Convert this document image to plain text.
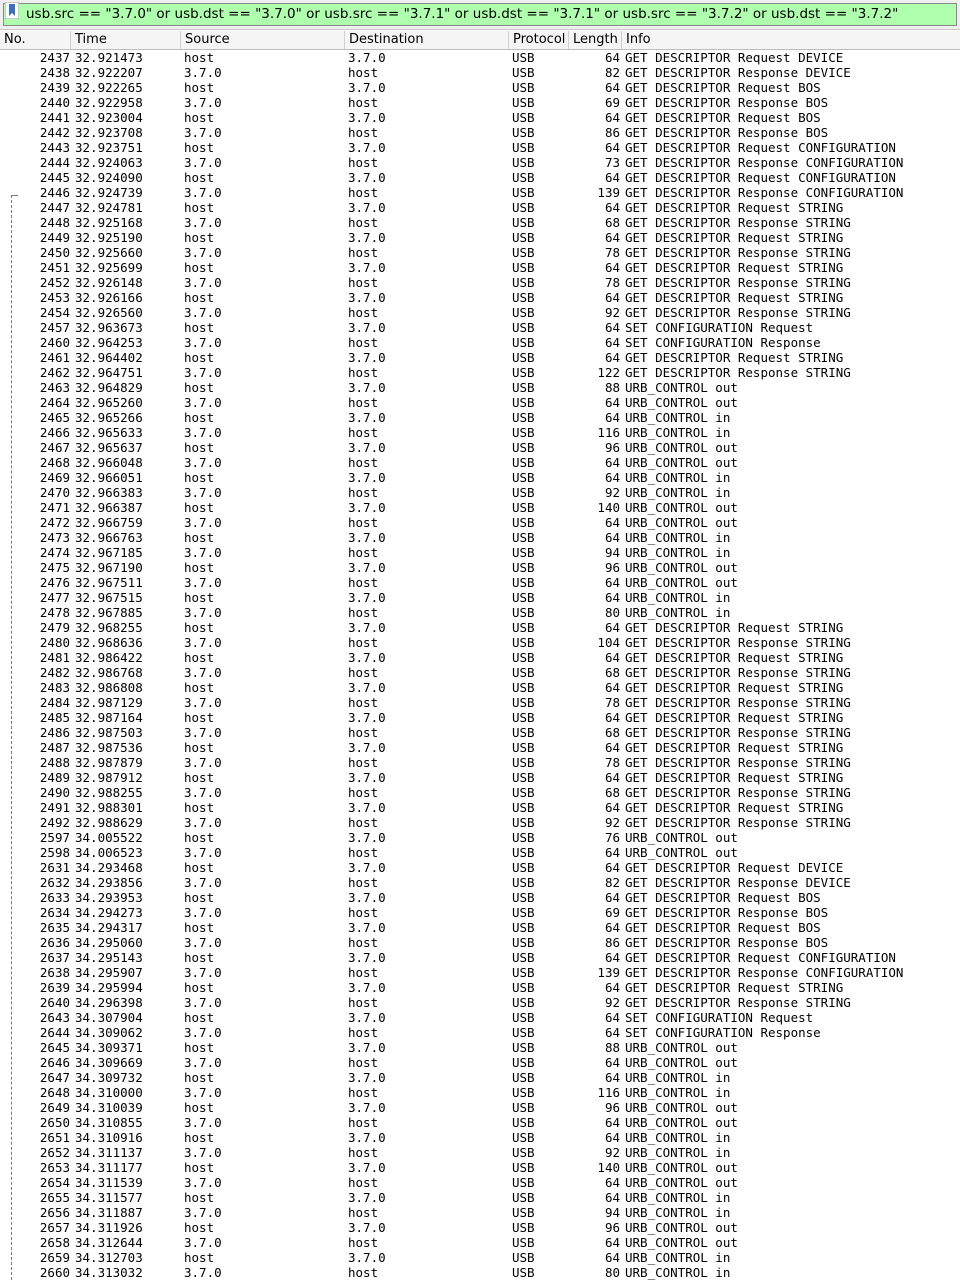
usb.src == "3.7.0" or usb.dst == "3.7.0" or usb.src == "3.7.1" or usb.dst == "3.7.1" or usb.src == "3.7.2" or usb.dst == "3.7.2"
No.	Time	Source	Destination	Protocol Length Info
2437 32.921473	host	3.7.0	USB	64 GET DESCRIPTOR Request DEVICE
2438 32.922207	3.7.0	host	USB	82 GET DESCRIPTOR Response DEVICE
2439 32.922265	host	3.7.0	USB	64 GET DESCRIPTOR Request BOS
2440 32.922958	3.7.0	host	USB	69 GET DESCRIPTOR Response BOS
2441 32.923004	host	3.7.0	USB	64 GET DESCRIPTOR Request BOS
2442 32.923708	3.7.0	host	USB	86 GET DESCRIPTOR Response BOS
2443 32.923751	host	3.7.0	USB	64 GET DESCRIPTOR Request CONFIGURATION
2444 32.924063	3.7.0	host	USB	73 GET DESCRIPTOR Response CONFIGURATION
2445 32.924090	host	3.7.0	USB	64 GET DESCRIPTOR Request CONFIGURATION
2446 32.924739	3.7.0	host	USB	139 GET DESCRIPTOR Response CONFIGURATION
2447 32.924781	host	3.7.0	USB	64 GET DESCRIPTOR Request STRING
2448 32.925168	3.7.0	host	USB	68 GET DESCRIPTOR Response STRING
2449 32.925190	host	3.7.0	USB	64 GET DESCRIPTOR Request STRING
2450 32.925660	3.7.0	host	USB	78 GET DESCRIPTOR Response STRING
2451 32.925699	host	3.7.0	USB	64 GET DESCRIPTOR Request STRING
2452 32.926148	3.7.0	host	USB	78 GET DESCRIPTOR Response STRING
2453 32.926166	host	3.7.0	USB	64 GET DESCRIPTOR Request STRING
2454 32.926560	3.7.0	host	USB	92 GET DESCRIPTOR Response STRING
2457 32.963673	host	3.7.0	USB	64 SET CONFIGURATION Request
2460 32.964253	3.7.0	host	USB	64 SET CONFIGURATION Response
2461 32.964402	host	3.7.0	USB	64 GET DESCRIPTOR Request STRING
2462 32.964751	3.7.0	host	USB	122 GET DESCRIPTOR Response STRING
2463 32.964829	host	3.7.0	USB	88 URB_CONTROL out
2464 32.965260	3.7.0	host	USB	64 URB_CONTROL out
2465 32.965266	host	3.7.0	USB	64 URB_CONTROL in
2466 32.965633	3.7.0	host	USB	116 URB_CONTROL in
2467 32.965637	host	3.7.0	USB	96 URB_CONTROL out
2468 32.966048	3.7.0	host	USB	64 URB_CONTROL out
2469 32.966051	host	3.7.0	USB	64 URB_CONTROL in
2470 32.966383	3.7.0	host	USB	92 URB_CONTROL in
2471 32.966387	host	3.7.0	USB	140 URB_CONTROL out
2472 32.966759	3.7.0	host	USB	64 URB_CONTROL out
2473 32.966763	host	3.7.0	USB	64 URB_CONTROL in
2474 32.967185	3.7.0	host	USB	94 URB_CONTROL in
2475 32.967190	host	3.7.0	USB	96 URB_CONTROL out
2476 32.967511	3.7.0	host	USB	64 URB_CONTROL out
2477 32.967515	host	3.7.0	USB	64 URB_CONTROL in
2478 32.967885	3.7.0	host	USB	80 URB_CONTROL in
2479 32.968255	host	3.7.0	USB	64 GET DESCRIPTOR Request STRING
2480 32.968636	3.7.0	host	USB	104 GET DESCRIPTOR Response STRING
2481 32.986422	host	3.7.0	USB	64 GET DESCRIPTOR Request STRING
2482 32.986768	3.7.0	host	USB	68 GET DESCRIPTOR Response STRING
2483 32.986808	host	3.7.0	USB	64 GET DESCRIPTOR Request STRING
2484 32.987129	3.7.0	host	USB	78 GET DESCRIPTOR Response STRING
2485 32.987164	host	3.7.0	USB	64 GET DESCRIPTOR Request STRING
2486 32.987503	3.7.0	host	USB	68 GET DESCRIPTOR Response STRING
2487 32.987536	host	3.7.0	USB	64 GET DESCRIPTOR Request STRING
2488 32.987879	3.7.0	host	USB	78 GET DESCRIPTOR Response STRING
2489 32.987912	host	3.7.0	USB	64 GET DESCRIPTOR Request STRING
2490 32.988255	3.7.0	host	USB	68 GET DESCRIPTOR Response STRING
2491 32.988301	host	3.7.0	USB	64 GET DESCRIPTOR Request STRING
2492 32.988629	3.7.0	host	USB	92 GET DESCRIPTOR Response STRING
2597 34.005522	host	3.7.0	USB	76 URB_CONTROL out
2598 34.006523	3.7.0	host	USB	64 URB_CONTROL out
2631 34.293468	host	3.7.0	USB	64 GET DESCRIPTOR Request DEVICE
2632 34.293856	3.7.0	host	USB	82 GET DESCRIPTOR Response DEVICE
2633 34.293953	host	3.7.0	USB	64 GET DESCRIPTOR Request BOS
2634 34.294273	3.7.0	host	USB	69 GET DESCRIPTOR Response BOS
2635 34.294317	host	3.7.0	USB	64 GET DESCRIPTOR Request BOS
2636 34.295060	3.7.0	host	USB	86 GET DESCRIPTOR Response BOS
2637 34.295143	host	3.7.0	USB	64 GET DESCRIPTOR Request CONFIGURATION
2638 34.295907	3.7.0	host	USB	139 GET DESCRIPTOR Response CONFIGURATION
2639 34.295994	host	3.7.0	USB	64 GET DESCRIPTOR Request STRING
2640 34.296398	3.7.0	host	USB	92 GET DESCRIPTOR Response STRING
2643 34.307904	host	3.7.0	USB	64 SET CONFIGURATION Request
2644 34.309062	3.7.0	host	USB	64 SET CONFIGURATION Response
2645 34.309371	host	3.7.0	USB	88 URB_CONTROL out
2646 34.309669	3.7.0	host	USB	64 URB_CONTROL out
2647 34.309732	host	3.7.0	USB	64 URB_CONTROL in
2648 34.310000	3.7.0	host	USB	116 URB_CONTROL in
2649 34.310039	host	3.7.0	USB	96 URB_CONTROL out
2650 34.310855	3.7.0	host	USB	64 URB_CONTROL out
2651 34.310916	host	3.7.0	USB	64 URB_CONTROL in
2652 34.311137	3.7.0	host	USB	92 URB_CONTROL in
2653 34.311177	host	3.7.0	USB	140 URB_CONTROL out
2654 34.311539	3.7.0	host	USB	64 URB_CONTROL out
2655 34.311577	host	3.7.0	USB	64 URB_CONTROL in
2656 34.311887	3.7.0	host	USB	94 URB_CONTROL in
2657 34.311926	host	3.7.0	USB	96 URB_CONTROL out
2658 34.312644	3.7.0	host	USB	64 URB_CONTROL out
2659 34.312703	host	3.7.0	USB	64 URB_CONTROL in
2660 34.313032	3.7.0	host	USB	80 URB_CONTROL in
